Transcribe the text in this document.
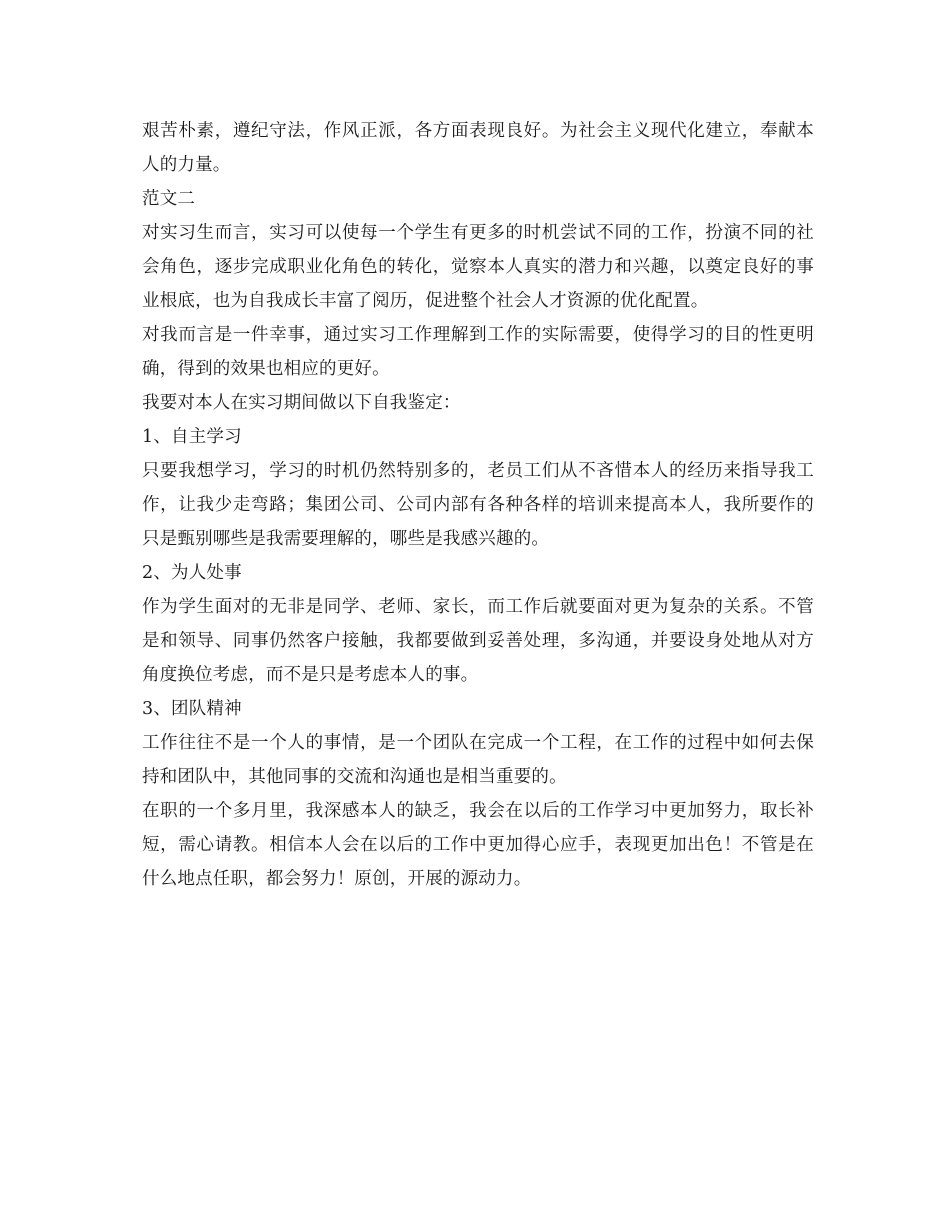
艰苦朴素，遵纪守法，作风正派，各方面表现良好。为社会主义现代化建立，奉献本人的力量。

范文二

对实习生而言，实习可以使每一个学生有更多的时机尝试不同的工作，扮演不同的社会角色，逐步完成职业化角色的转化，觉察本人真实的潜力和兴趣，以奠定良好的事业根底，也为自我成长丰富了阅历，促进整个社会人才资源的优化配置。

对我而言是一件幸事，通过实习工作理解到工作的实际需要，使得学习的目的性更明确，得到的效果也相应的更好。

我要对本人在实习期间做以下自我鉴定：

1、自主学习

只要我想学习，学习的时机仍然特别多的，老员工们从不吝惜本人的经历来指导我工作，让我少走弯路；集团公司、公司内部有各种各样的培训来提高本人，我所要作的只是甄别哪些是我需要理解的，哪些是我感兴趣的。

2、为人处事

作为学生面对的无非是同学、老师、家长，而工作后就要面对更为复杂的关系。不管是和领导、同事仍然客户接触，我都要做到妥善处理，多沟通，并要设身处地从对方角度换位考虑，而不是只是考虑本人的事。

3、团队精神

工作往往不是一个人的事情，是一个团队在完成一个工程，在工作的过程中如何去保持和团队中，其他同事的交流和沟通也是相当重要的。

在职的一个多月里，我深感本人的缺乏，我会在以后的工作学习中更加努力，取长补短，需心请教。相信本人会在以后的工作中更加得心应手，表现更加出色！不管是在什么地点任职，都会努力！原创，开展的源动力。
